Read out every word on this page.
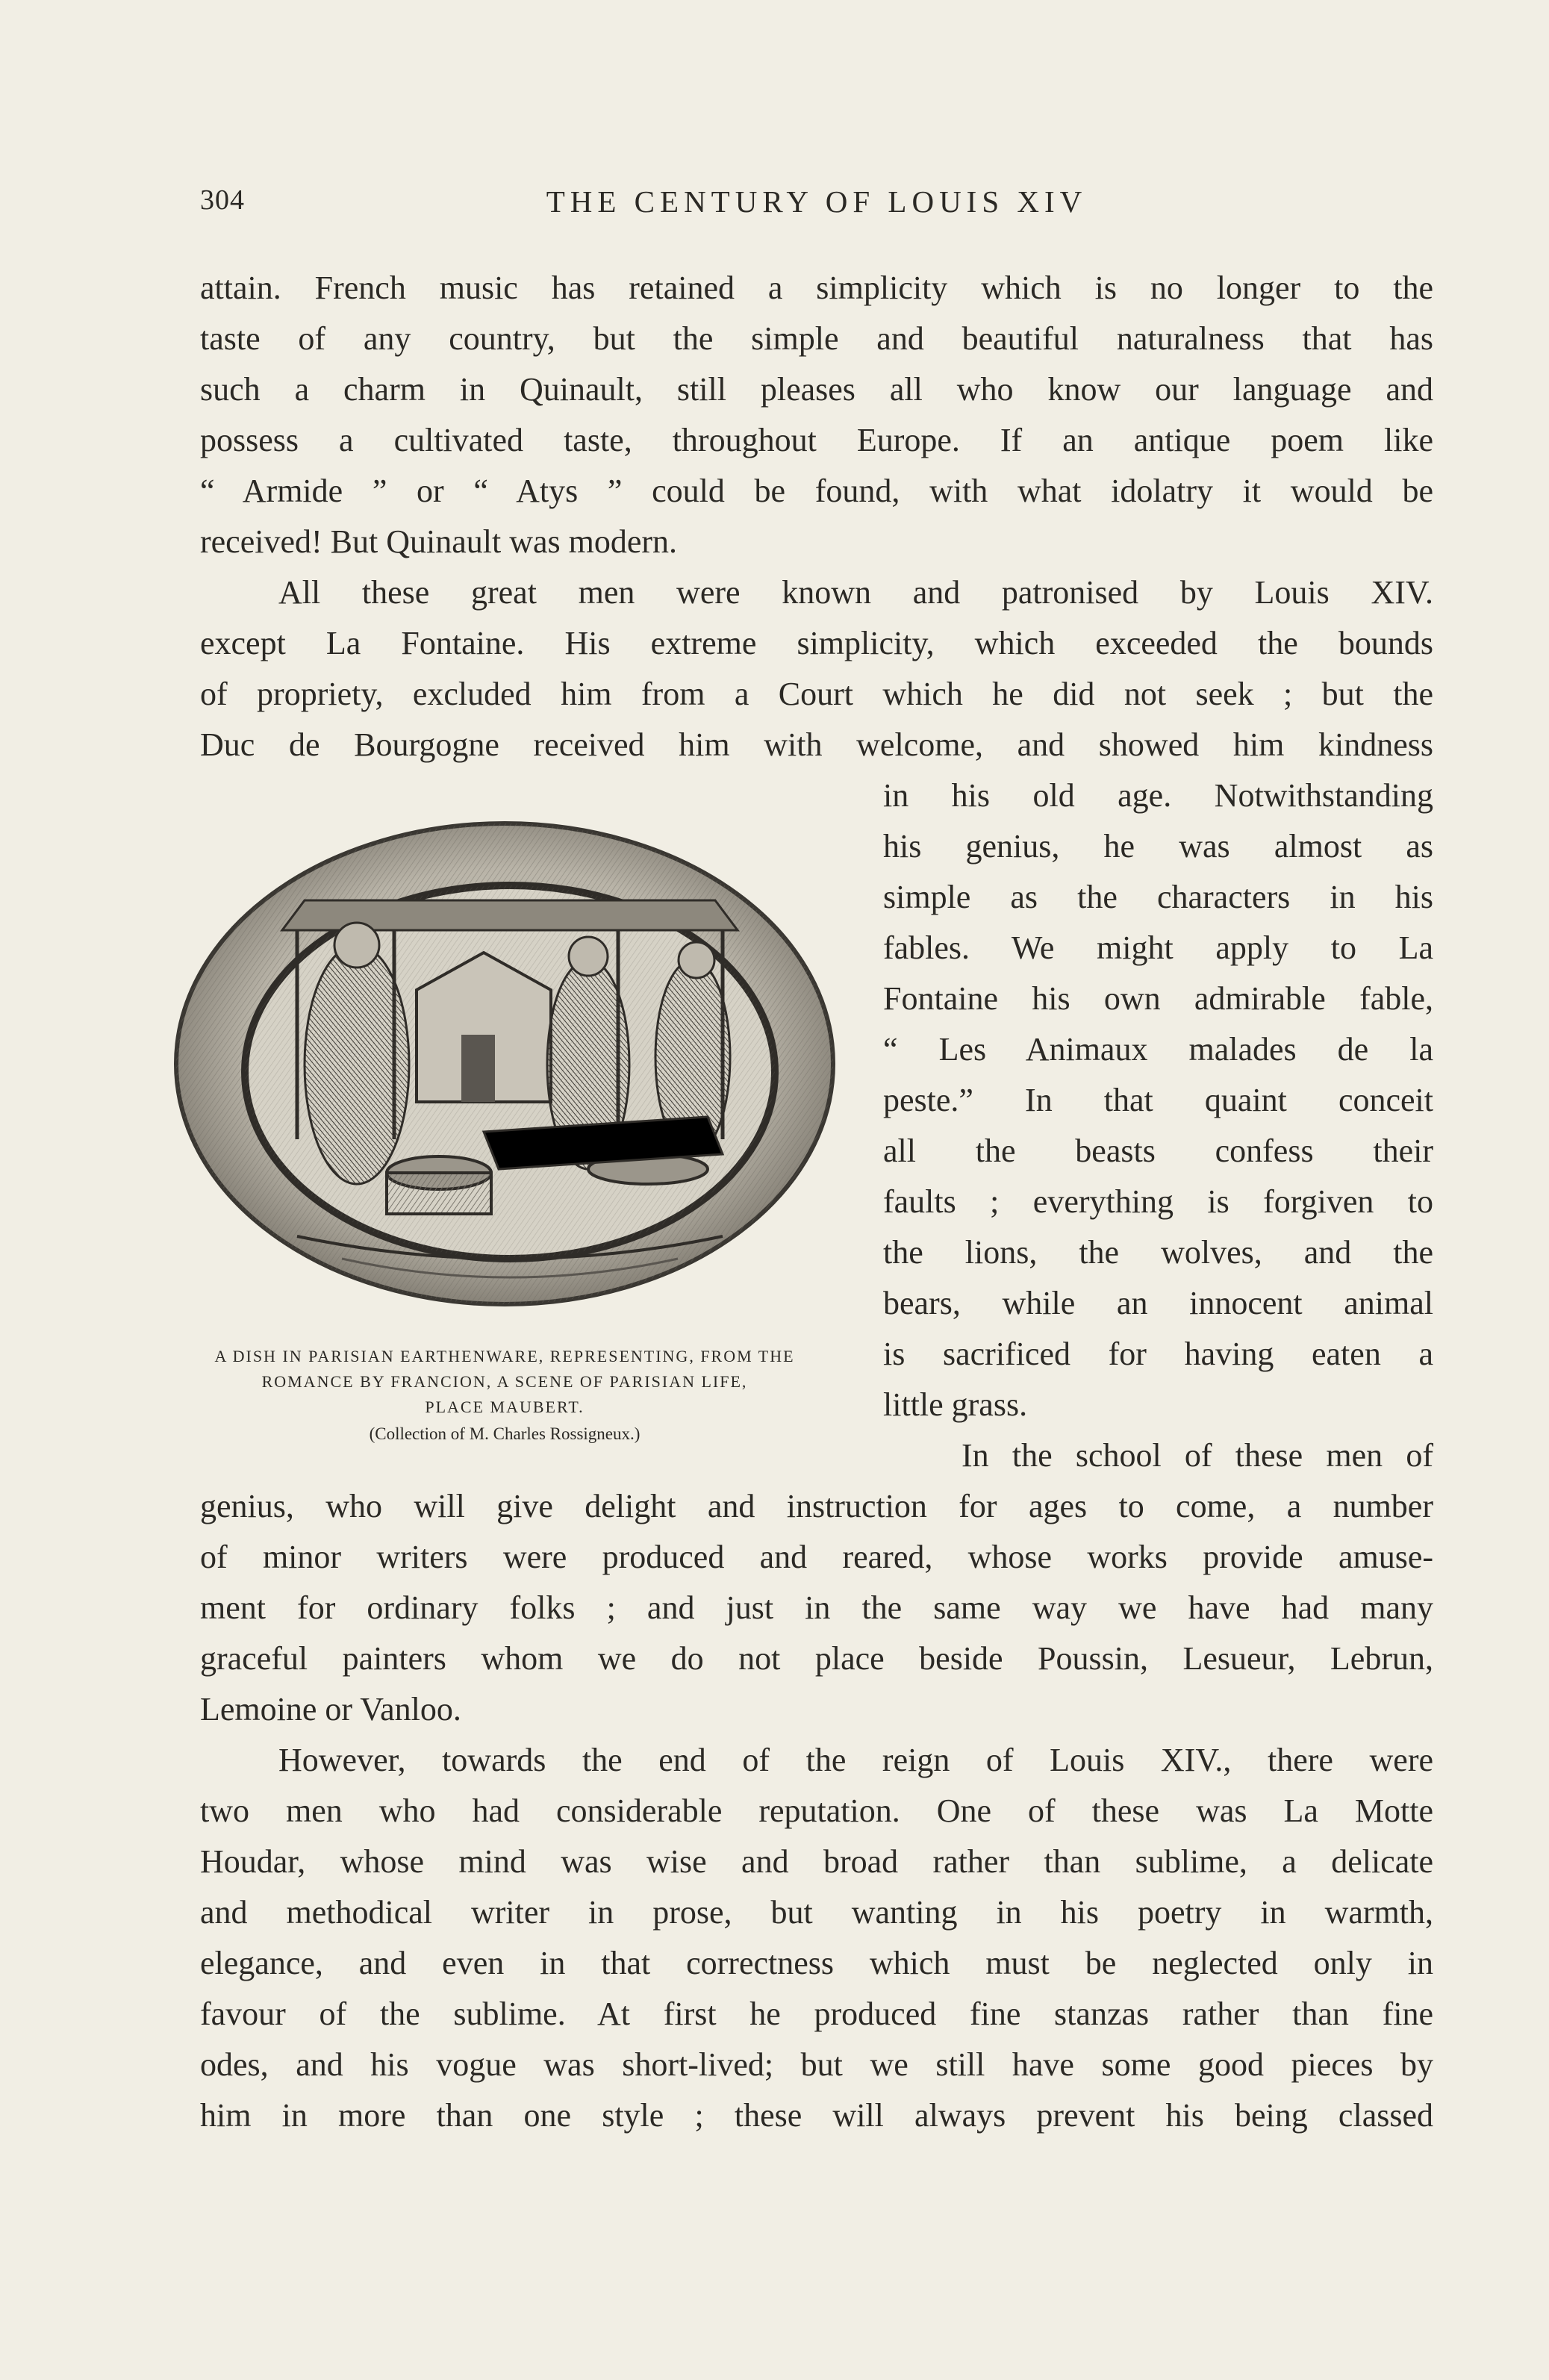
304	THE CENTURY OF LOUIS XIV
attain. French music has retained a simplicity which is no longer to the
taste of any country, but the simple and beautiful naturalness that has
such a charm in Quinault, still pleases all who know our language and
possess a cultivated taste, throughout Europe. If an antique poem like
“ Armide ” or “ Atys ” could be found, with what idolatry it would be
received! But Quinault was modern.
All these great men were known and patronised by Louis XIV.
except La Fontaine. His extreme simplicity, which exceeded the bounds
of propriety, excluded him from a Court which he did not seek ; but the
Duc de Bourgogne received him with welcome, and showed him kindness
in his old age. Notwithstanding
his genius, he was almost as
simple as the characters in his
fables. We might apply to La
Fontaine his own admirable fable,
“ Les Animaux malades de la
peste.” In that quaint conceit
all the beasts confess their
faults ; everything is forgiven to
the lions, the wolves, and the
bears, while an innocent animal
is sacrificed for having eaten a
little grass.
In the school of these men of
genius, who will give delight and instruction for ages to come, a number
of minor writers were produced and reared, whose works provide amuse-
ment for ordinary folks ; and just in the same way we have had many
graceful painters whom we do not place beside Poussin, Lesueur, Lebrun,
Lemoine or Vanloo.
However, towards the end of the reign of Louis XIV., there were
two men who had considerable reputation. One of these was La Motte
Houdar, whose mind was wise and broad rather than sublime, a delicate
and methodical writer in prose, but wanting in his poetry in warmth,
elegance, and even in that correctness which must be neglected only in
favour of the sublime. At first he produced fine stanzas rather than fine
odes, and his vogue was short-lived; but we still have some good pieces by
him in more than one style ; these will always prevent his being classed
A DISH IN PARISIAN EARTHENWARE, REPRESENTING, FROM THE
ROMANCE BY FRANCION, A SCENE OF PARISIAN LIFE,
PLACE MAUBERT.
(Collection of M. Charles Rossigneux.)
